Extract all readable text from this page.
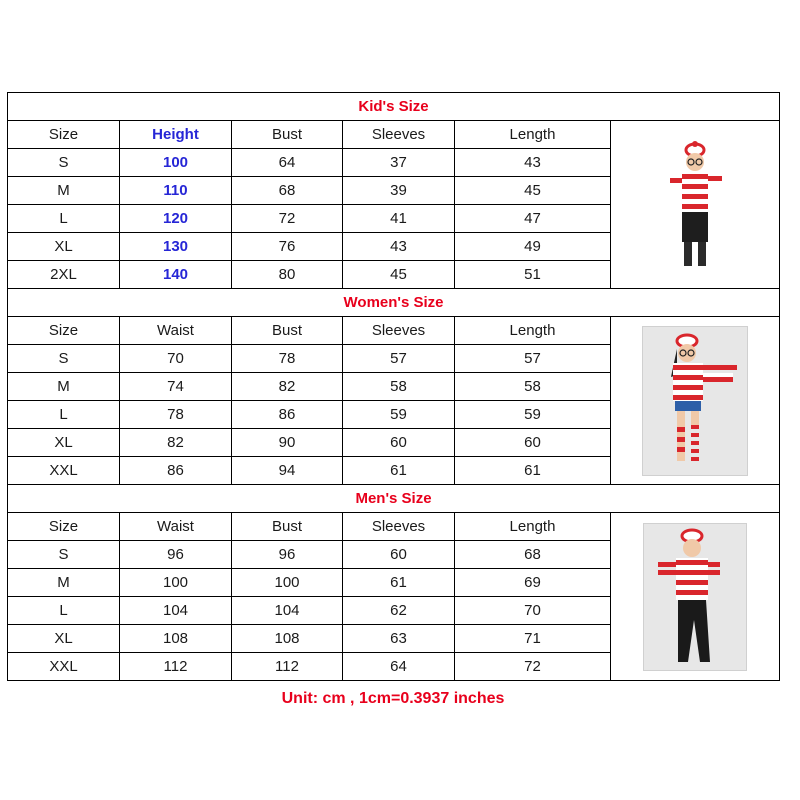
Kid's Size					
Size	Height	Bust	Sleeves	Length	

S	100	64	37	43	
M	110	68	39	45	
L	120	72	41	47	
XL	130	76	43	49	
2XL	140	80	45	51	
Women's Size					
Size	Waist	Bust	Sleeves	Length	

S	70	78	57	57	
M	74	82	58	58	
L	78	86	59	59	
XL	82	90	60	60	
XXL	86	94	61	61	
Men's Size					
Size	Waist	Bust	Sleeves	Length	

S	96	96	60	68	
M	100	100	61	69	
L	104	104	62	70	
XL	108	108	63	71	
XXL	112	112	64	72	
Unit: cm , 1cm=0.3937 inches
